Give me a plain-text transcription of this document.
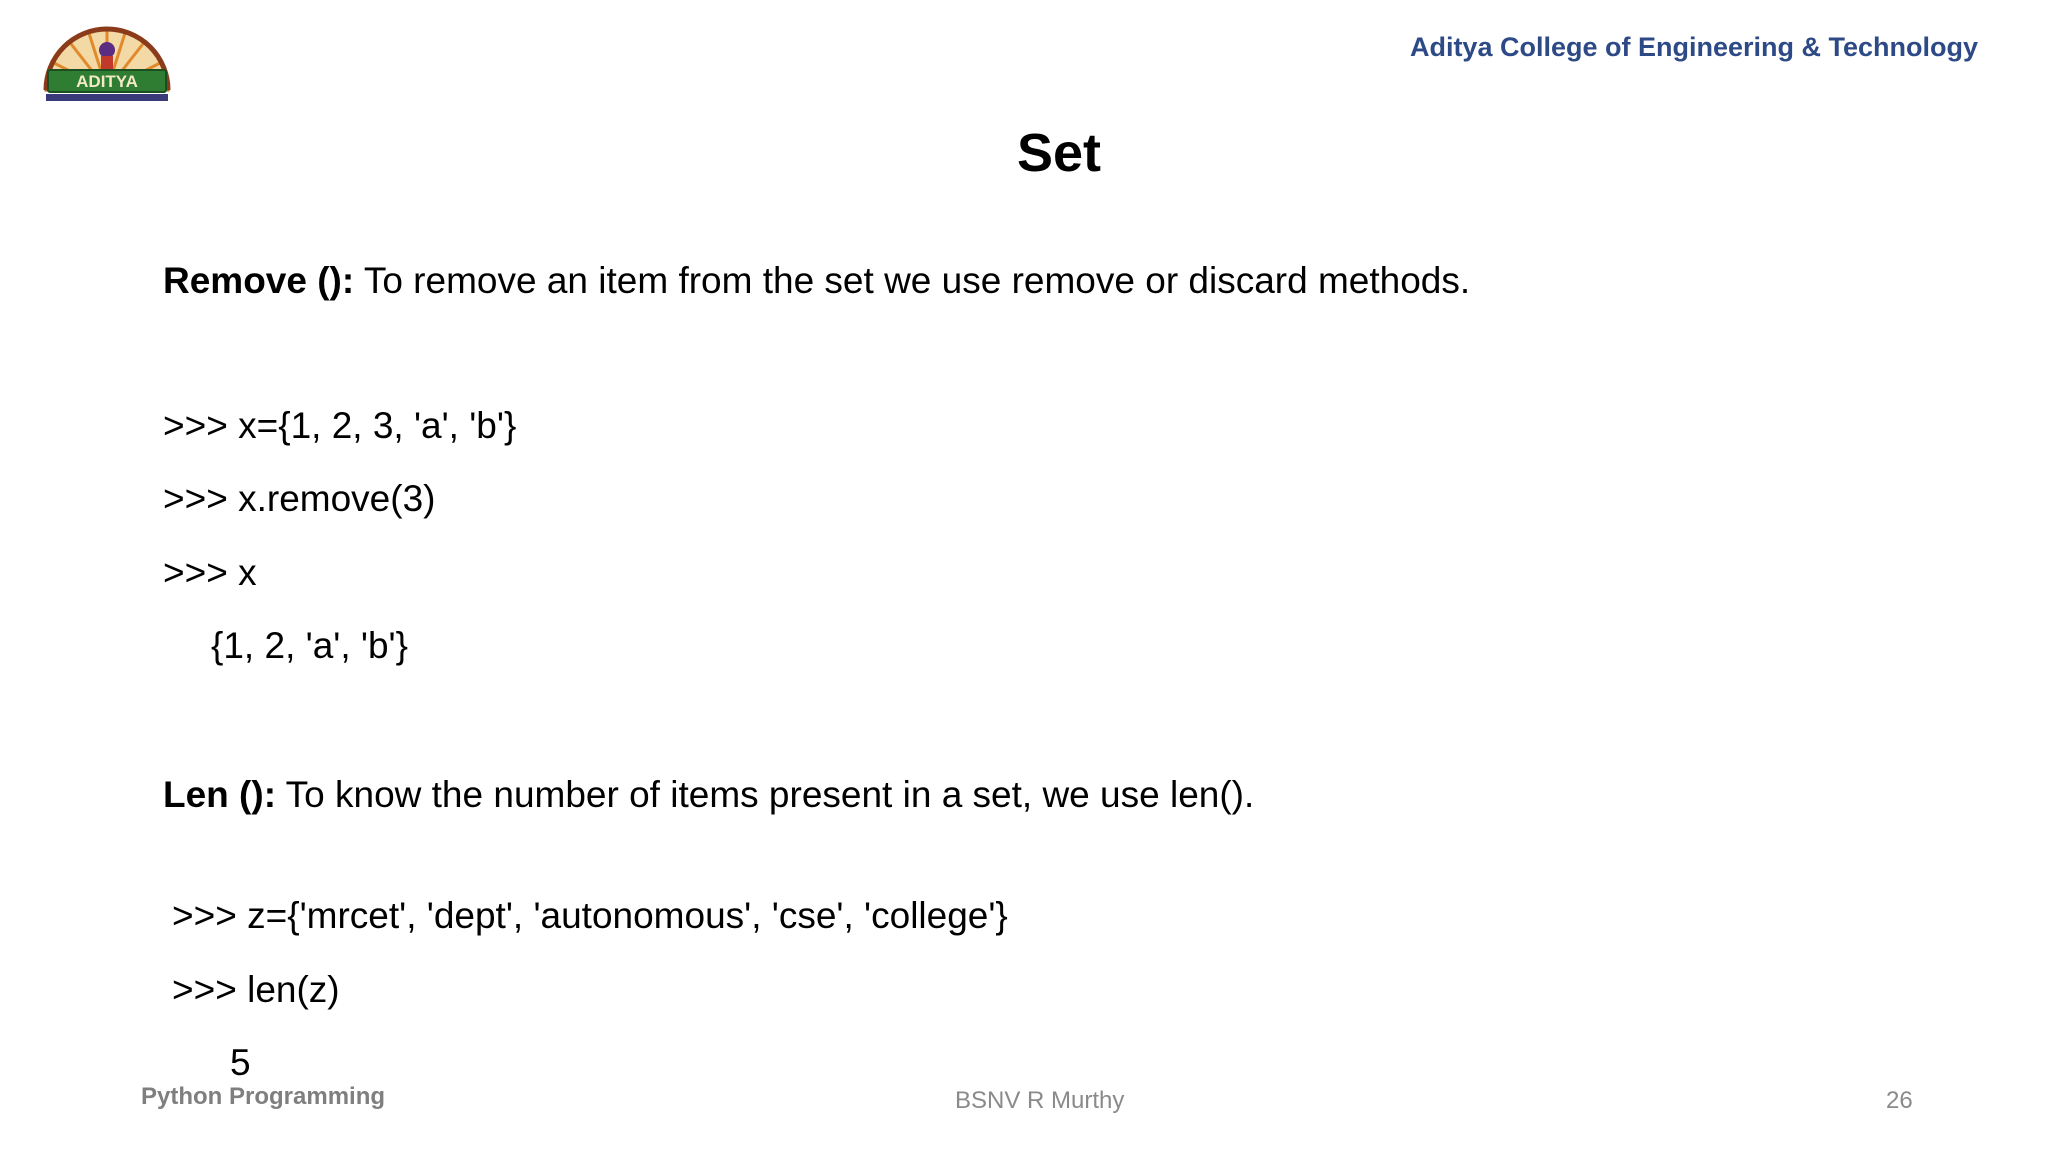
ADITYA
Aditya College of Engineering & Technology
Set
Remove (): To remove an item from the set we use remove or discard methods.
>>> x={1, 2, 3, 'a', 'b'}
>>> x.remove(3)
>>> x
{1, 2, 'a', 'b'}
Len (): To know the number of items present in a set, we use len().
>>> z={'mrcet', 'dept', 'autonomous', 'cse', 'college'}
>>> len(z)
5
Python Programming	BSNV R Murthy	26
